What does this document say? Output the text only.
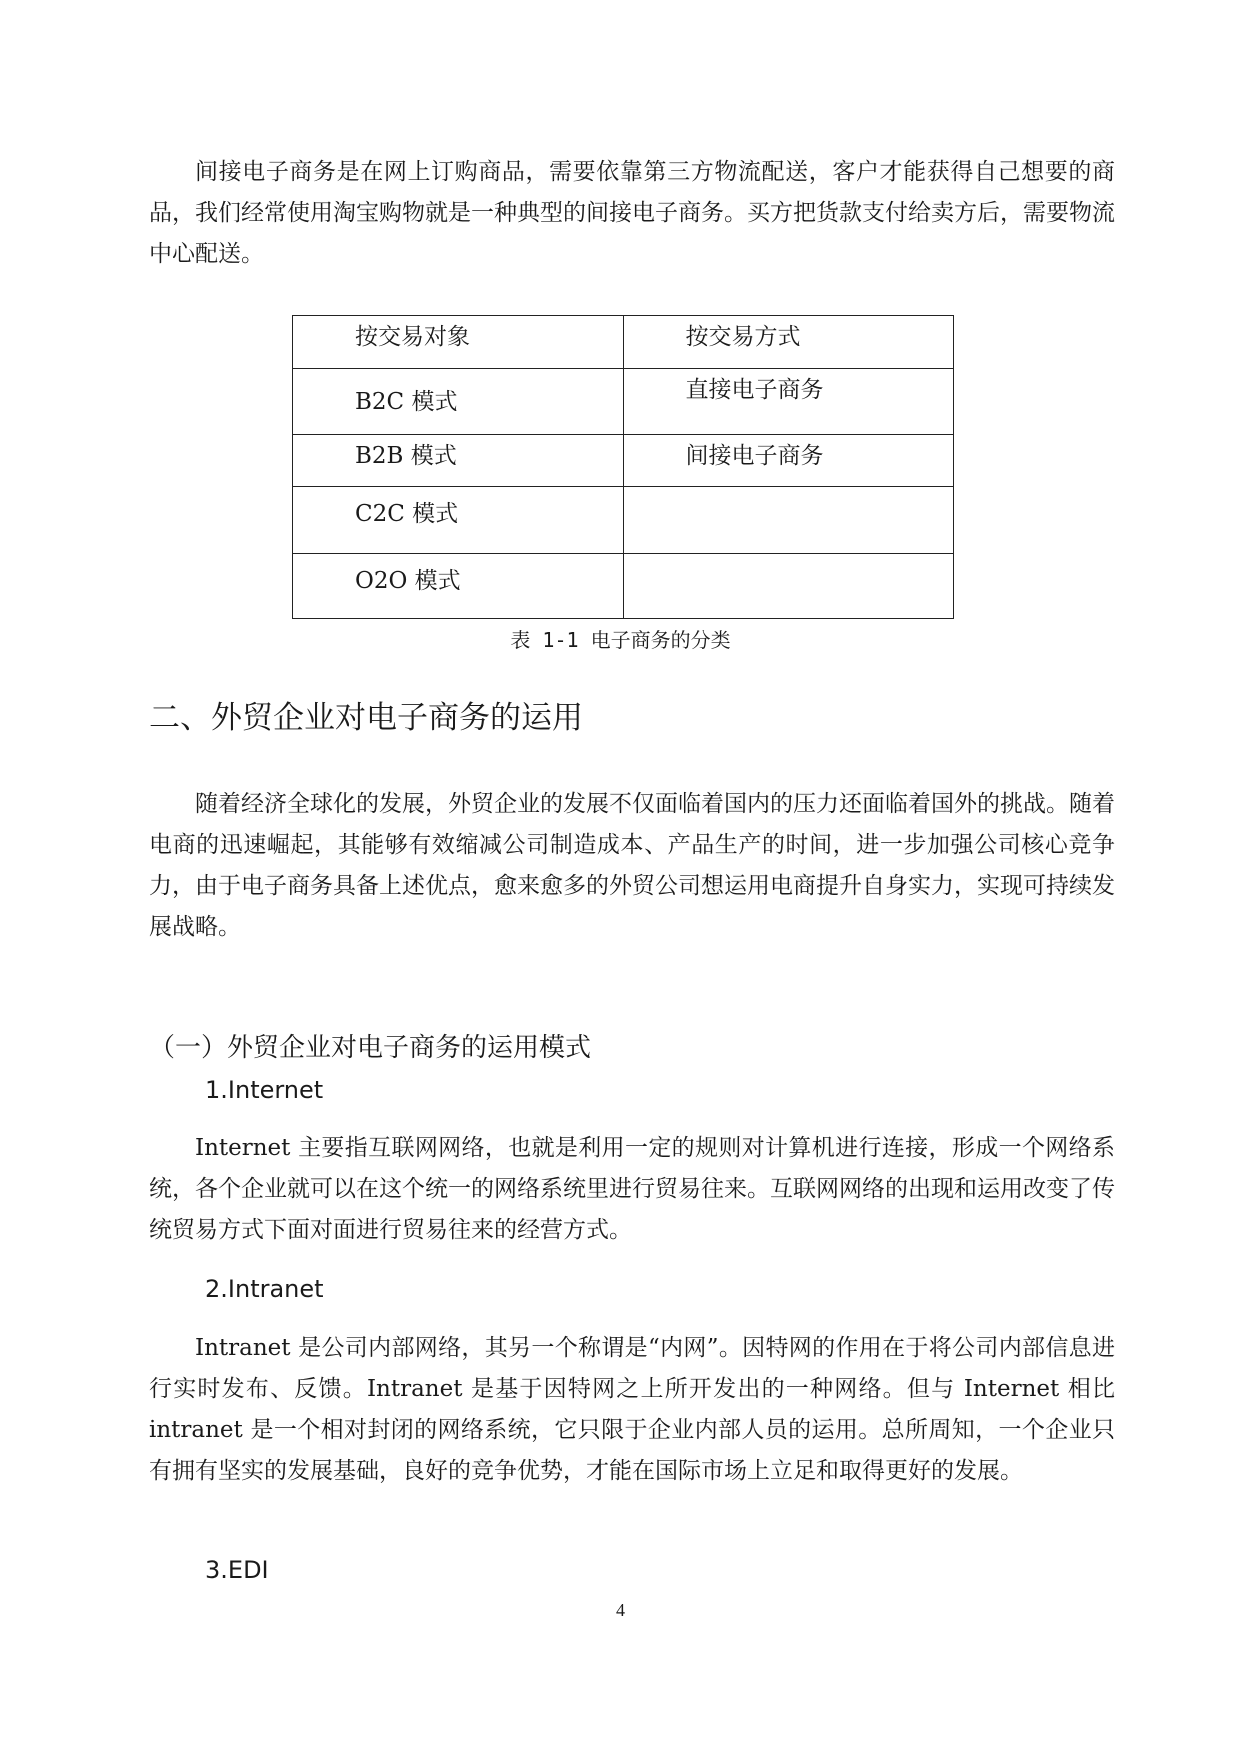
间接电子商务是在网上订购商品，需要依靠第三方物流配送，客户才能获得自己想要的商品，我们经常使用淘宝购物就是一种典型的间接电子商务。买方把货款支付给卖方后，需要物流中心配送。

按交易对象	按交易方式
B2C 模式	直接电子商务
B2B 模式	间接电子商务
C2C 模式	
O2O 模式	

表 1-1 电子商务的分类

二、外贸企业对电子商务的运用

随着经济全球化的发展，外贸企业的发展不仅面临着国内的压力还面临着国外的挑战。随着电商的迅速崛起，其能够有效缩减公司制造成本、产品生产的时间，进一步加强公司核心竞争力，由于电子商务具备上述优点，愈来愈多的外贸公司想运用电商提升自身实力，实现可持续发展战略。

（一）外贸企业对电子商务的运用模式
1.Internet

Internet 主要指互联网网络，也就是利用一定的规则对计算机进行连接，形成一个网络系统，各个企业就可以在这个统一的网络系统里进行贸易往来。互联网网络的出现和运用改变了传统贸易方式下面对面进行贸易往来的经营方式。

2.Intranet

Intranet 是公司内部网络，其另一个称谓是“内网”。因特网的作用在于将公司内部信息进行实时发布、反馈。Intranet 是基于因特网之上所开发出的一种网络。但与 Internet 相比 intranet 是一个相对封闭的网络系统，它只限于企业内部人员的运用。总所周知，一个企业只有拥有坚实的发展基础，良好的竞争优势，才能在国际市场上立足和取得更好的发展。

3.EDI
4
